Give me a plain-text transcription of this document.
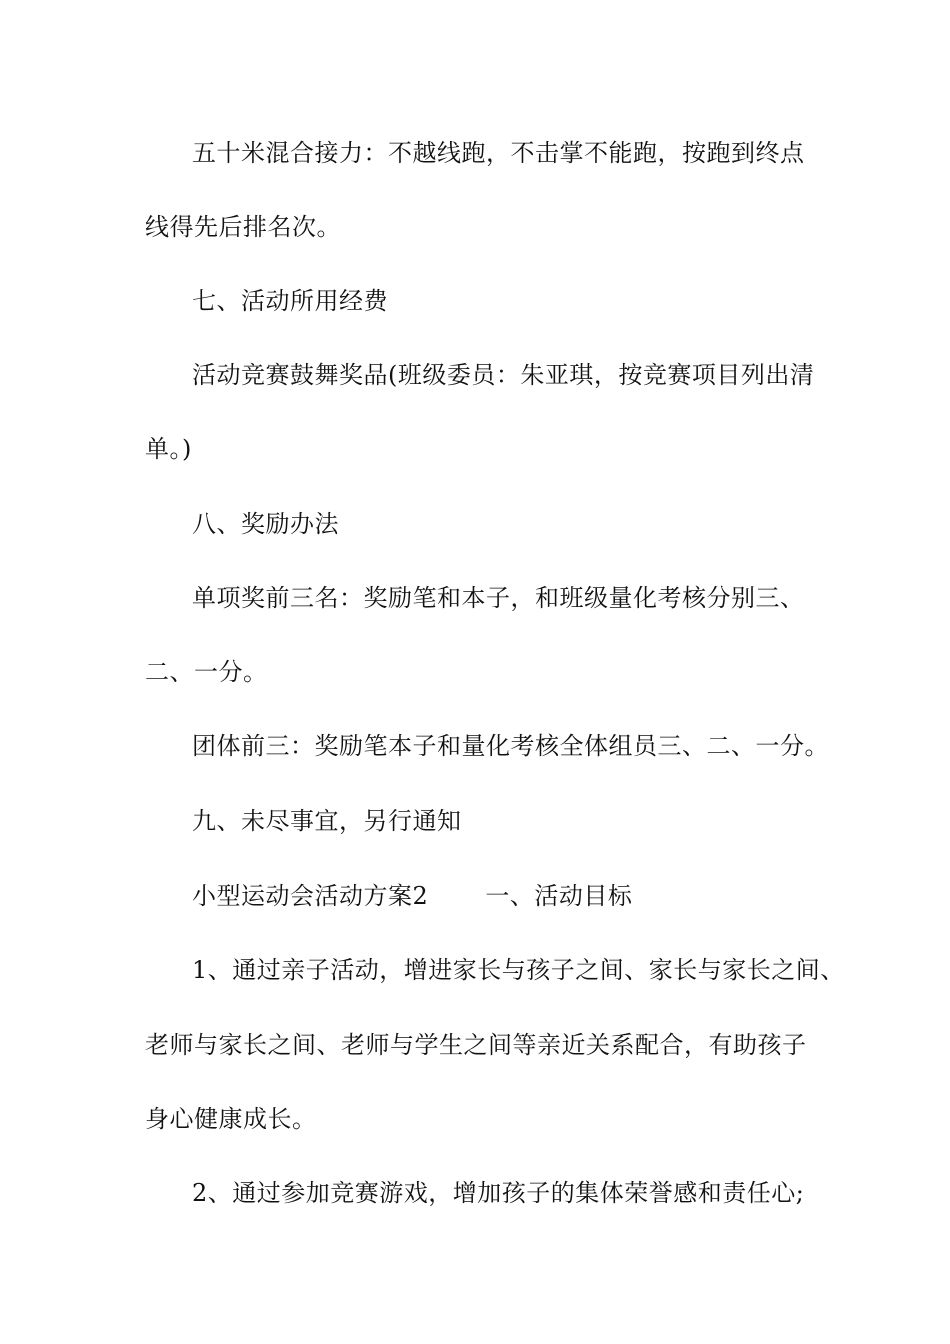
五十米混合接力：不越线跑，不击掌不能跑，按跑到终点
线得先后排名次。
七、活动所用经费
活动竞赛鼓舞奖品(班级委员：朱亚琪，按竞赛项目列出清
单。)
八、奖励办法
单项奖前三名：奖励笔和本子，和班级量化考核分别三、
二、一分。
团体前三：奖励笔本子和量化考核全体组员三、二、一分。
九、未尽事宜，另行通知
小型运动会活动方案2　　 一、活动目标
1、通过亲子活动，增进家长与孩子之间、家长与家长之间、
老师与家长之间、老师与学生之间等亲近关系配合，有助孩子
身心健康成长。
2、通过参加竞赛游戏，增加孩子的集体荣誉感和责任心;
